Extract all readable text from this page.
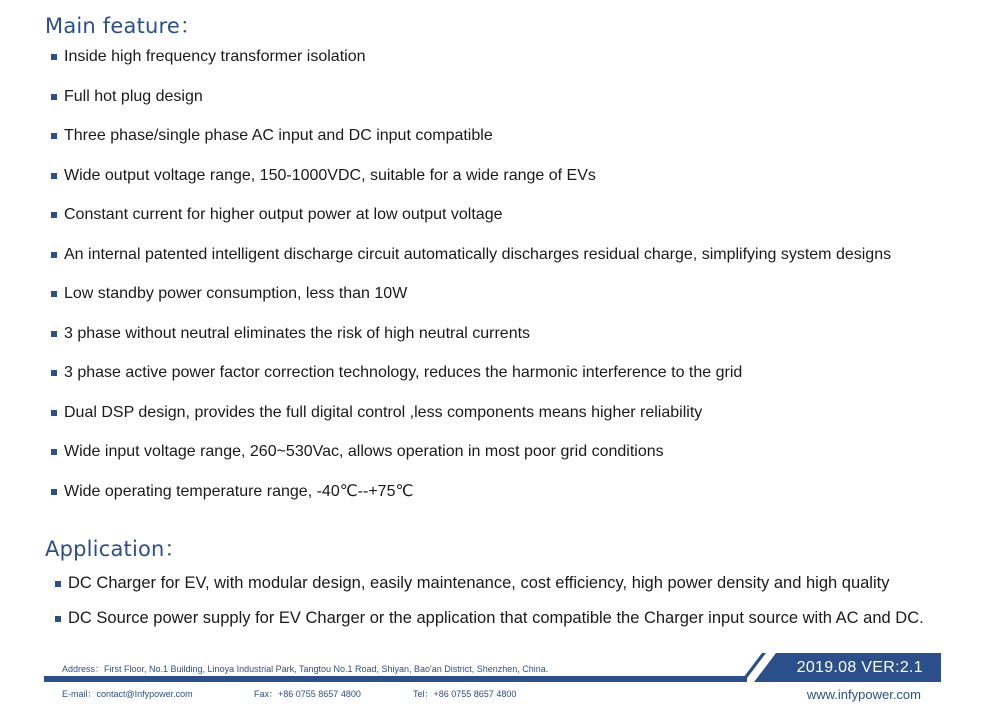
Main feature：
Inside high frequency transformer isolation
Full hot plug design
Three phase/single phase AC input and DC input compatible
Wide output voltage range, 150-1000VDC, suitable for a wide range of EVs
Constant current for higher output power at low output voltage
An internal patented intelligent discharge circuit automatically discharges residual charge, simplifying system designs
Low standby power consumption, less than 10W
3 phase without neutral eliminates the risk of high neutral currents
3 phase active power factor correction technology, reduces the harmonic interference to the grid
Dual DSP design, provides the full digital control ,less components means higher reliability
Wide input voltage range, 260~530Vac, allows operation in most poor grid conditions
Wide operating temperature range, -40℃--+75℃
Application：
DC Charger for EV, with modular design, easily maintenance, cost efficiency, high power density and high quality
DC Source power supply for EV Charger or the application that compatible the Charger input source with AC and DC.
Address：First Floor, No.1 Building, Linoya Industrial Park, Tangtou No.1 Road, Shiyan, Bao'an District, Shenzhen, China.	2019.08 VER:2.1
E-mail：contact@Infypower.com	Fax：+86 0755 8657 4800	Tel：+86 0755 8657 4800	www.infypower.com
